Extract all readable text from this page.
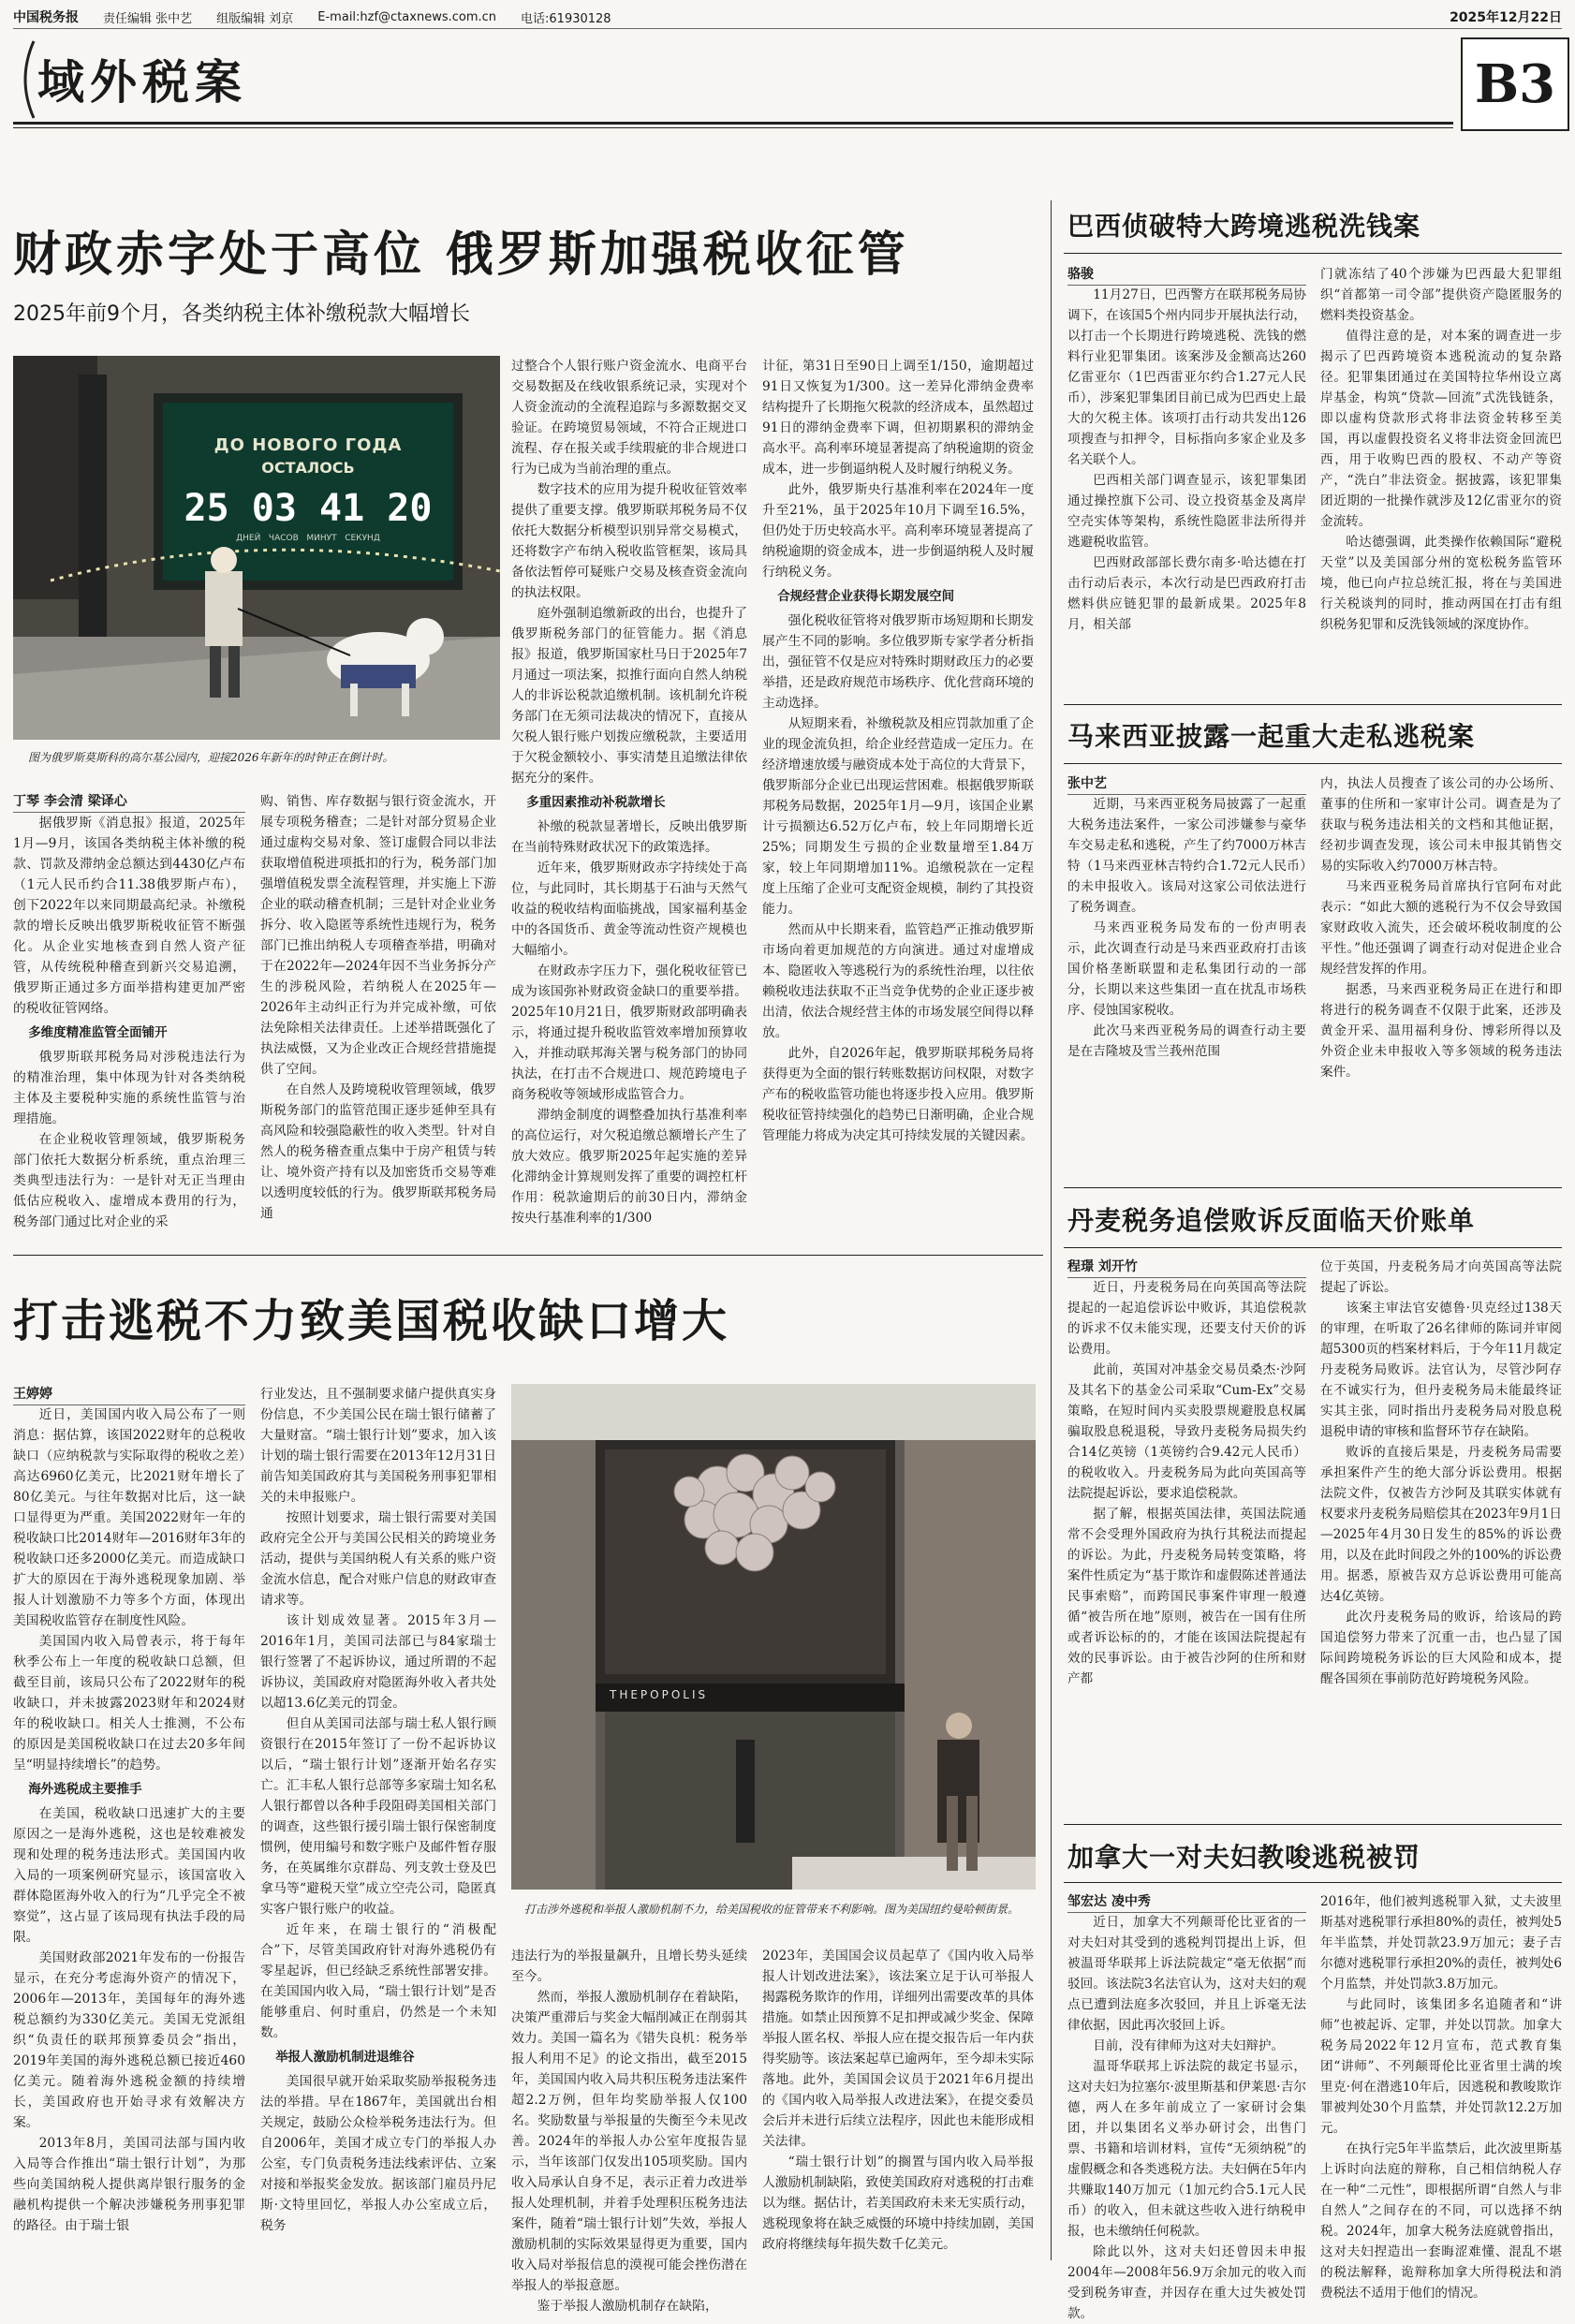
中国税务报 责任编辑 张中艺 组版编辑 刘京 E-mail:hzf@ctaxnews.com.cn 电话:61930128	2025年12月22日
域外税案	B3
财政赤字处于高位 俄罗斯加强税收征管
2025年前9个月，各类纳税主体补缴税款大幅增长
ДО НОВОГО ГОДА
ОСТАЛОСЬ
25 03 41 20
ДНЕЙ   ЧАСОВ   МИНУТ   СЕКУНД
图为俄罗斯莫斯科的高尔基公园内，迎接2026年新年的时钟正在倒计时。
丁琴 李会清 梁译心

据俄罗斯《消息报》报道，2025年1月—9月，该国各类纳税主体补缴的税款、罚款及滞纳金总额达到4430亿卢布（1元人民币约合11.38俄罗斯卢布），创下2022年以来同期最高纪录。补缴税款的增长反映出俄罗斯税收征管不断强化。从企业实地核查到自然人资产征管，从传统税种稽查到新兴交易追溯，俄罗斯正通过多方面举措构建更加严密的税收征管网络。

多维度精准监管全面铺开

俄罗斯联邦税务局对涉税违法行为的精准治理，集中体现为针对各类纳税主体及主要税种实施的系统性监管与治理措施。

在企业税收管理领域，俄罗斯税务部门依托大数据分析系统，重点治理三类典型违法行为：一是针对无正当理由低估应税收入、虚增成本费用的行为，税务部门通过比对企业的采

购、销售、库存数据与银行资金流水，开展专项税务稽查；二是针对部分贸易企业通过虚构交易对象、签订虚假合同以非法获取增值税进项抵扣的行为，税务部门加强增值税发票全流程管理，并实施上下游企业的联动稽查机制；三是针对企业业务拆分、收入隐匿等系统性违规行为，税务部门已推出纳税人专项稽查举措，明确对于在2022年—2024年因不当业务拆分产生的涉税风险，若纳税人在2025年—2026年主动纠正行为并完成补缴，可依法免除相关法律责任。上述举措既强化了执法威慑，又为企业改正合规经营措施提供了空间。

在自然人及跨境税收管理领域，俄罗斯税务部门的监管范围正逐步延伸至具有高风险和较强隐蔽性的收入类型。针对自然人的税务稽查重点集中于房产租赁与转让、境外资产持有以及加密货币交易等难以透明度较低的行为。俄罗斯联邦税务局通

过整合个人银行账户资金流水、电商平台交易数据及在线收银系统记录，实现对个人资金流动的全流程追踪与多源数据交叉验证。在跨境贸易领域，不符合正规进口流程、存在报关或手续瑕疵的非合规进口行为已成为当前治理的重点。

数字技术的应用为提升税收征管效率提供了重要支撑。俄罗斯联邦税务局不仅依托大数据分析模型识别异常交易模式，还将数字产布纳入税收监管框架，该局具备依法暂停可疑账户交易及核查资金流向的执法权限。

庭外强制追缴新政的出台，也提升了俄罗斯税务部门的征管能力。据《消息报》报道，俄罗斯国家杜马日于2025年7月通过一项法案，拟推行面向自然人纳税人的非诉讼税款追缴机制。该机制允许税务部门在无须司法裁决的情况下，直接从欠税人银行账户划拨应缴税款，主要适用于欠税金额较小、事实清楚且追缴法律依据充分的案件。

多重因素推动补税款增长

补缴的税款显著增长，反映出俄罗斯在当前特殊财政状况下的政策选择。

近年来，俄罗斯财政赤字持续处于高位，与此同时，其长期基于石油与天然气收益的税收结构面临挑战，国家福利基金中的各国货币、黄金等流动性资产规模也大幅缩小。

在财政赤字压力下，强化税收征管已成为该国弥补财政资金缺口的重要举措。2025年10月21日，俄罗斯财政部明确表示，将通过提升税收监管效率增加预算收入，并推动联邦海关署与税务部门的协同执法，在打击不合规进口、规范跨境电子商务税收等领域形成监管合力。

滞纳金制度的调整叠加执行基准利率的高位运行，对欠税追缴总额增长产生了放大效应。俄罗斯2025年起实施的差异化滞纳金计算规则发挥了重要的调控杠杆作用：税款逾期后的前30日内，滞纳金按央行基准利率的1/300

计征，第31日至90日上调至1/150，逾期超过91日又恢复为1/300。这一差异化滞纳金费率结构提升了长期拖欠税款的经济成本，虽然超过91日的滞纳金费率下调，但初期累积的滞纳金高水平。高利率环境显著提高了纳税逾期的资金成本，进一步倒逼纳税人及时履行纳税义务。

此外，俄罗斯央行基准利率在2024年一度升至21%，虽于2025年10月下调至16.5%，但仍处于历史较高水平。高利率环境显著提高了纳税逾期的资金成本，进一步倒逼纳税人及时履行纳税义务。

合规经营企业获得长期发展空间

强化税收征管将对俄罗斯市场短期和长期发展产生不同的影响。多位俄罗斯专家学者分析指出，强征管不仅是应对特殊时期财政压力的必要举措，还是政府规范市场秩序、优化营商环境的主动选择。

从短期来看，补缴税款及相应罚款加重了企业的现金流负担，给企业经营造成一定压力。在经济增速放缓与融资成本处于高位的大背景下，俄罗斯部分企业已出现运营困难。根据俄罗斯联邦税务局数据，2025年1月—9月，该国企业累计亏损额达6.52万亿卢布，较上年同期增长近25%；同期发生亏损的企业数量增至1.84万家，较上年同期增加11%。追缴税款在一定程度上压缩了企业可支配资金规模，制约了其投资能力。

然而从中长期来看，监管趋严正推动俄罗斯市场向着更加规范的方向演进。通过对虚增成本、隐匿收入等逃税行为的系统性治理，以往依赖税收违法获取不正当竞争优势的企业正逐步被出清，依法合规经营主体的市场发展空间得以释放。

此外，自2026年起，俄罗斯联邦税务局将获得更为全面的银行转账数据访问权限，对数字产布的税收监管功能也将逐步投入应用。俄罗斯税收征管持续强化的趋势已日渐明确，企业合规管理能力将成为决定其可持续发展的关键因素。

打击逃税不力致美国税收缺口增大
王婷婷

近日，美国国内收入局公布了一则消息：据估算，该国2022财年的总税收缺口（应纳税款与实际取得的税收之差）高达6960亿美元，比2021财年增长了80亿美元。与往年数据对比后，这一缺口显得更为严重。美国2022财年一年的税收缺口比2014财年—2016财年3年的税收缺口还多2000亿美元。而造成缺口扩大的原因在于海外逃税现象加剧、举报人计划激励不力等多个方面，体现出美国税收监管存在制度性风险。

美国国内收入局曾表示，将于每年秋季公布上一年度的税收缺口总额，但截至目前，该局只公布了2022财年的税收缺口，并未披露2023财年和2024财年的税收缺口。相关人士推测，不公布的原因是美国税收缺口在过去20多年间呈“明显持续增长”的趋势。

海外逃税成主要推手

在美国，税收缺口迅速扩大的主要原因之一是海外逃税，这也是较难被发现和处理的税务违法形式。美国国内收入局的一项案例研究显示，该国富收入群体隐匿海外收入的行为“几乎完全不被察觉”，这占显了该局现有执法手段的局限。

美国财政部2021年发布的一份报告显示，在充分考虑海外资产的情况下，2006年—2013年，美国每年的海外逃税总额约为330亿美元。美国无党派组织“负责任的联邦预算委员会”指出，2019年美国的海外逃税总额已接近460亿美元。随着海外逃税金额的持续增长，美国政府也开始寻求有效解决方案。

2013年8月，美国司法部与国内收入局等合作推出“瑞士银行计划”，为那些向美国纳税人提供离岸银行服务的金融机构提供一个解决涉嫌税务刑事犯罪的路径。由于瑞士银

行业发达，且不强制要求储户提供真实身份信息，不少美国公民在瑞士银行储蓄了大量财富。“瑞士银行计划”要求，加入该计划的瑞士银行需要在2013年12月31日前告知美国政府其与美国税务刑事犯罪相关的未申报账户。

按照计划要求，瑞士银行需要对美国政府完全公开与美国公民相关的跨境业务活动，提供与美国纳税人有关系的账户资金流水信息，配合对账户信息的财政审查请求等。

该计划成效显著。2015年3月—2016年1月，美国司法部已与84家瑞士银行签署了不起诉协议，通过所谓的不起诉协议，美国政府对隐匿海外收入者共处以超13.6亿美元的罚金。

但自从美国司法部与瑞士私人银行顾资银行在2015年签订了一份不起诉协议以后，“瑞士银行计划”逐渐开始名存实亡。汇丰私人银行总部等多家瑞士知名私人银行都曾以各种手段阻碍美国相关部门的调查，这些银行援引瑞士银行保密制度惯例，使用编号和数字账户及邮件暂存服务，在英属维尔京群岛、列支敦士登及巴拿马等“避税天堂”成立空壳公司，隐匿真实客户银行账户的收益。

近年来，在瑞士银行的“消极配合”下，尽管美国政府针对海外逃税仍有零星起诉，但已经缺乏系统性部署安排。在美国国内收入局，“瑞士银行计划”是否能够重启、何时重启，仍然是一个未知数。

举报人激励机制进退维谷

美国很早就开始采取奖励举报税务违法的举措。早在1867年，美国就出台相关规定，鼓励公众检举税务违法行为。但自2006年，美国才成立专门的举报人办公室，专门负责税务违法线索评估、立案对接和举报奖金发放。据该部门雇员丹尼斯·文特里回忆，举报人办公室成立后，税务

ТНЕРОРОLIS
打击涉外逃税和举报人激励机制不力，给美国税收的征管带来不利影响。图为美国纽约曼哈顿街景。

违法行为的举报量飙升，且增长势头延续至今。

然而，举报人激励机制存在着缺陷，决策严重滞后与奖金大幅削减正在削弱其效力。美国一篇名为《错失良机：税务举报人利用不足》的论文指出，截至2015年，美国国内收入局共积压税务违法案件超2.2万例，但年均奖励举报人仅100名。奖励数量与举报量的失衡至今未见改善。2024年的举报人办公室年度报告显示，当年该部门仅发出105项奖励。国内收入局承认自身不足，表示正着力改进举报人处理机制，并着手处理积压税务违法案件，随着“瑞士银行计划”失效，举报人激励机制的实际效果显得更为重要，国内收入局对举报信息的漠视可能会挫伤潜在举报人的举报意愿。

鉴于举报人激励机制存在缺陷，

2023年，美国国会议员起草了《国内收入局举报人计划改进法案》，该法案立足于认可举报人揭露税务欺诈的作用，详细列出需要改革的具体措施。如禁止因预算不足扣押或减少奖金、保障举报人匿名权、举报人应在提交报告后一年内获得奖励等。该法案起草已逾两年，至今却未实际落地。此外，美国国会议员于2021年6月提出的《国内收入局举报人改进法案》，在提交委员会后并未进行后续立法程序，因此也未能形成相关法律。

“瑞士银行计划”的搁置与国内收入局举报人激励机制缺陷，致使美国政府对逃税的打击难以为继。据估计，若美国政府未来无实质行动，逃税现象将在缺乏威慑的环境中持续加剧，美国政府将继续每年损失数千亿美元。

巴西侦破特大跨境逃税洗钱案
骆骏

11月27日，巴西警方在联邦税务局协调下，在该国5个州内同步开展执法行动，以打击一个长期进行跨境逃税、洗钱的燃料行业犯罪集团。该案涉及金额高达260亿雷亚尔（1巴西雷亚尔约合1.27元人民币），涉案犯罪集团目前已成为巴西史上最大的欠税主体。该项打击行动共发出126项搜查与扣押令，目标指向多家企业及多名关联个人。

巴西相关部门调查显示，该犯罪集团通过操控旗下公司、设立投资基金及离岸空壳实体等架构，系统性隐匿非法所得并逃避税收监管。

巴西财政部部长费尔南多·哈达德在打击行动后表示，本次行动是巴西政府打击燃料供应链犯罪的最新成果。2025年8月，相关部

门就冻结了40个涉嫌为巴西最大犯罪组织“首都第一司令部”提供资产隐匿服务的燃料类投资基金。

值得注意的是，对本案的调查进一步揭示了巴西跨境资本逃税流动的复杂路径。犯罪集团通过在美国特拉华州设立离岸基金，构筑“贷款—回流”式洗钱链条，即以虚构贷款形式将非法资金转移至美国，再以虚假投资名义将非法资金回流巴西，用于收购巴西的股权、不动产等资产，“洗白”非法资金。据披露，该犯罪集团近期的一批操作就涉及12亿雷亚尔的资金流转。

哈达德强调，此类操作依赖国际“避税天堂”以及美国部分州的宽松税务监管环境，他已向卢拉总统汇报，将在与美国进行关税谈判的同时，推动两国在打击有组织税务犯罪和反洗钱领域的深度协作。

马来西亚披露一起重大走私逃税案
张中艺

近期，马来西亚税务局披露了一起重大税务违法案件，一家公司涉嫌参与豪华车交易走私和逃税，产生了约7000万林吉特（1马来西亚林吉特约合1.72元人民币）的未申报收入。该局对这家公司依法进行了税务调查。

马来西亚税务局发布的一份声明表示，此次调查行动是马来西亚政府打击该国价格垄断联盟和走私集团行动的一部分，长期以来这些集团一直在扰乱市场秩序、侵蚀国家税收。

此次马来西亚税务局的调查行动主要是在吉隆坡及雪兰莪州范围

内，执法人员搜查了该公司的办公场所、董事的住所和一家审计公司。调查是为了获取与税务违法相关的文档和其他证据，经初步调查发现，该公司未申报其销售交易的实际收入约7000万林吉特。

马来西亚税务局首席执行官阿布对此表示：“如此大额的逃税行为不仅会导致国家财政收入流失，还会破坏税收制度的公平性。”他还强调了调查行动对促进企业合规经营发挥的作用。

据悉，马来西亚税务局正在进行和即将进行的税务调查不仅限于此案，还涉及黄金开采、温用福利身份、博彩所得以及外资企业未申报收入等多领域的税务违法案件。

丹麦税务追偿败诉反面临天价账单
程璟 刘开竹

近日，丹麦税务局在向英国高等法院提起的一起追偿诉讼中败诉，其追偿税款的诉求不仅未能实现，还要支付天价的诉讼费用。

此前，英国对冲基金交易员桑杰·沙阿及其名下的基金公司采取“Cum-Ex”交易策略，在短时间内买卖股票规避股息权属骗取股息税退税，导致丹麦税务局损失约合14亿英镑（1英镑约合9.42元人民币）的税收收入。丹麦税务局为此向英国高等法院提起诉讼，要求追偿税款。

据了解，根据英国法律，英国法院通常不会受理外国政府为执行其税法而提起的诉讼。为此，丹麦税务局转变策略，将案件性质定为“基于欺诈和虚假陈述普通法民事索赔”，而跨国民事案件审理一般遵循“被告所在地”原则，被告在一国有住所或者诉讼标的的，才能在该国法院提起有效的民事诉讼。由于被告沙阿的住所和财产都

位于英国，丹麦税务局才向英国高等法院提起了诉讼。

该案主审法官安德鲁·贝克经过138天的审理，在听取了26名律师的陈词并审阅超5300页的档案材料后，于今年11月裁定丹麦税务局败诉。法官认为，尽管沙阿存在不诚实行为，但丹麦税务局未能最终证实其主张，同时指出丹麦税务局对股息税退税申请的审核和监督环节存在缺陷。

败诉的直接后果是，丹麦税务局需要承担案件产生的绝大部分诉讼费用。根据法院文件，仅被告方沙阿及其联实体就有权要求丹麦税务局赔偿其在2023年9月1日—2025年4月30日发生的85%的诉讼费用，以及在此时间段之外的100%的诉讼费用。据悉，原被告双方总诉讼费用可能高达4亿英镑。

此次丹麦税务局的败诉，给该局的跨国追偿努力带来了沉重一击，也凸显了国际间跨境税务诉讼的巨大风险和成本，提醒各国须在事前防范好跨境税务风险。

加拿大一对夫妇教唆逃税被罚
邹宏达 凌中秀

近日，加拿大不列颠哥伦比亚省的一对夫妇对其受到的逃税判罚提出上诉，但被温哥华联邦上诉法院裁定“毫无依据”而驳回。该法院3名法官认为，这对夫妇的观点已遭到法庭多次驳回，并且上诉毫无法律依据，因此再次驳回上诉。

目前，没有律师为这对夫妇辩护。

温哥华联邦上诉法院的裁定书显示，这对夫妇为拉塞尔·波里斯基和伊莱恩·吉尔德，两人在多年前成立了一家研讨会集团，并以集团名义举办研讨会，出售门票、书籍和培训材料，宣传“无须纳税”的虚假概念和各类逃税方法。夫妇俩在5年内共赚取140万加元（1加元约合5.1元人民币）的收入，但未就这些收入进行纳税申报，也未缴纳任何税款。

除此以外，这对夫妇还曾因未申报2004年—2008年56.9万余加元的收入而受到税务审查，并因存在重大过失被处罚款。

2016年，他们被判逃税罪入狱，丈夫波里斯基对逃税罪行承担80%的责任，被判处5年半监禁，并处罚款23.9万加元；妻子吉尔德对逃税罪行承担20%的责任，被判处6个月监禁，并处罚款3.8万加元。

与此同时，该集团多名追随者和“讲师”也被起诉、定罪，并处以罚款。加拿大税务局2022年12月宣布，范式教育集团“讲师”、不列颠哥伦比亚省里士满的埃里克·何在潜逃10年后，因逃税和教唆欺诈罪被判处30个月监禁，并处罚款12.2万加元。

在执行完5年半监禁后，此次波里斯基上诉时向法庭的辩称，自己相信纳税人存在一种“二元性”，即根据所谓“自然人与非自然人”之间存在的不同，可以选择不纳税。2024年，加拿大税务法庭就曾指出，这对夫妇捏造出一套晦涩难懂、混乱不堪的税法解释，诡辩称加拿大所得税法和消费税法不适用于他们的情况。
